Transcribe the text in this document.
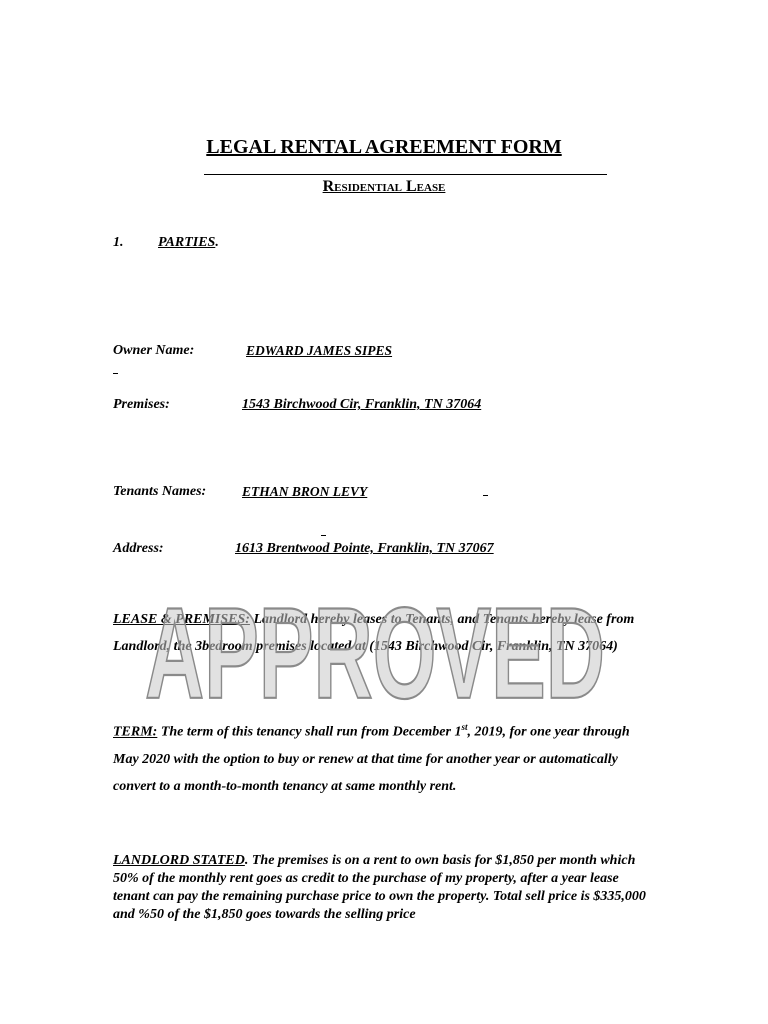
LEGAL RENTAL AGREEMENT FORM
Residential Lease
1. PARTIES.
Owner Name:	EDWARD JAMES SIPES

Premises:	1543 Birchwood Cir, Franklin, TN 37064
Tenants Names:	ETHAN BRON LEVY

Address:	1613 Brentwood Pointe, Franklin, TN 37067
LEASE & PREMISES: Landlord hereby leases to Tenants, and Tenants hereby lease from Landlord, the 3bedroom premises located at (1543 Birchwood Cir, Franklin, TN 37064)
TERM: The term of this tenancy shall run from December 1st, 2019, for one year through May 2020 with the option to buy or renew at that time for another year or automatically convert to a month-to-month tenancy at same monthly rent.
LANDLORD STATED. The premises is on a rent to own basis for $1,850 per month which 50% of the monthly rent goes as credit to the purchase of my property, after a year lease tenant can pay the remaining purchase price to own the property. Total sell price is $335,000 and %50 of the $1,850 goes towards the selling price
APPROVED
